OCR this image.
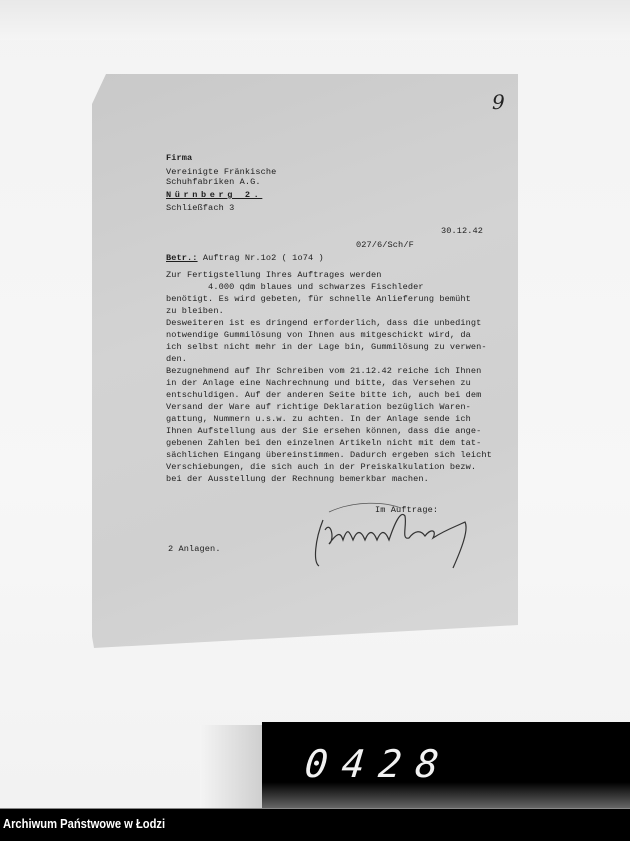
9
Firma
Vereinigte Fränkische
Schuhfabriken A.G.
Nürnberg 2.
Schließfach 3
30.12.42
027/6/Sch/F
Betr.: Auftrag Nr.1o2 ( 1o74 )
Zur Fertigstellung Ihres Auftrages werden
4.000 qdm blaues und schwarzes Fischleder
benötigt. Es wird gebeten, für schnelle Anlieferung bemüht
zu bleiben.
Desweiteren ist es dringend erforderlich, dass die unbedingt
notwendige Gummilösung von Ihnen aus mitgeschickt wird, da
ich selbst nicht mehr in der Lage bin, Gummilösung zu verwen-
den.
Bezugnehmend auf Ihr Schreiben vom 21.12.42 reiche ich Ihnen
in der Anlage eine Nachrechnung und bitte, das Versehen zu
entschuldigen. Auf der anderen Seite bitte ich, auch bei dem
Versand der Ware auf richtige Deklaration bezüglich Waren-
gattung, Nummern u.s.w. zu achten. In der Anlage sende ich
Ihnen Aufstellung aus der Sie ersehen können, dass die ange-
gebenen Zahlen bei den einzelnen Artikeln nicht mit dem tat-
sächlichen Eingang übereinstimmen. Dadurch ergeben sich leicht
Verschiebungen, die sich auch in der Preiskalkulation bezw.
bei der Ausstellung der Rechnung bemerkbar machen.
Im Auftrage:
2 Anlagen.
0428
Archiwum Państwowe w Łodzi
